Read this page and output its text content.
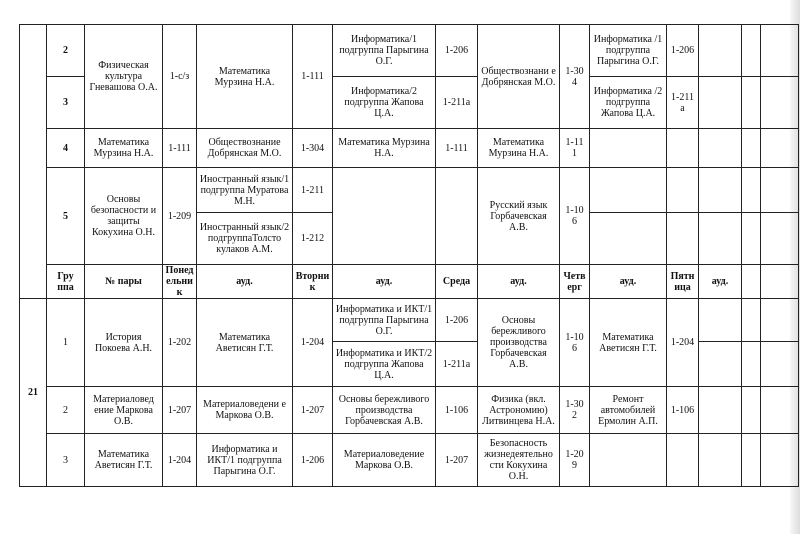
	2	Физическая культура Гневашова О.А.	1-с/з	Математика Мурзина Н.А.	1-111	Информатика/1 подгруппа Парыгина О.Г.	1-206	Обществознани е Добрянская М.О.	1-30 4	Информатика /1 подгруппа Парыгина О.Г.	1-206				
	3					Информатика/2 подгруппа Жапова Ц.А.	1-211а			Информатика /2 подгруппа Жапова Ц.А.	1-211 а				
	4	Математика Мурзина Н.А.	1-111	Обществознание Добрянская М.О.	1-304	Математика Мурзина Н.А.	1-111	Математика Мурзина Н.А.	1-11 1						
	5	Основы безопасности и защиты Кокухина О.Н.	1-209	Иностранный язык/1 подгруппа Муратова М.Н.	1-211			Русский язык Горбачевская А.В.	1-10 6						
				Иностранный язык/2 подгруппаТолсто кулаков А.М.	1-212										
	Гру ппа	№ пары	Понедельник	ауд.	Вторник	ауд.	Среда	ауд.	Четверг	ауд.	Пятница	ауд.			
21	1	История Покоева А.Н.	1-202	Математика Аветисян Г.Т.	1-204	Информатика и ИКТ/1 подгруппа Парыгина О.Г.	1-206	Основы бережливого производства Горбачевская А.В.	1-10 6	Математика Аветисян Г.Т.	1-204				
						Информатика и ИКТ/2 подгруппа Жапова Ц.А.	1-211а								
	2	Материаловед ение Маркова О.В.	1-207	Материаловедени е Маркова О.В.	1-207	Основы бережливого производства Горбачевская А.В.	1-106	Физика (вкл. Астрономию) Литвинцева Н.А.	1-30 2	Ремонт автомобилей Ермолин А.П.	1-106				
	3	Математика Аветисян Г.Т.	1-204	Информатика и ИКТ/1 подгруппа Парыгина О.Г.	1-206	Материаловедение Маркова О.В.	1-207	Безопасность жизнедеятельно сти Кокухина О.Н.	1-20 9						
